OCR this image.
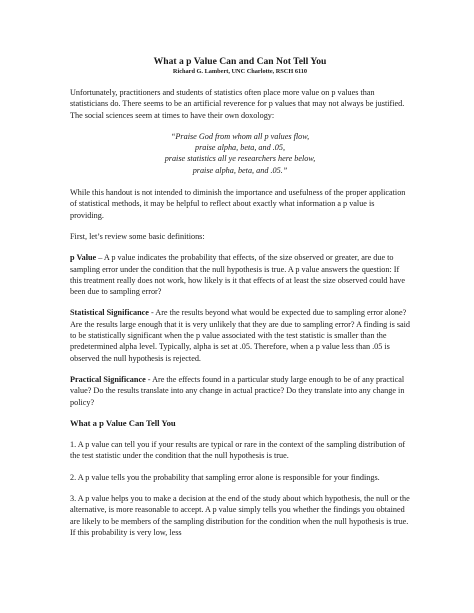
What a p Value Can and Can Not Tell You
Richard G. Lambert, UNC Charlotte, RSCH 6110

Unfortunately, practitioners and students of statistics often place more value on p values than statisticians do. There seems to be an artificial reverence for p values that may not always be justified. The social sciences seem at times to have their own doxology:

“Praise God from whom all p values flow,
praise alpha, beta, and .05,
praise statistics all ye researchers here below,
praise alpha, beta, and .05.”

While this handout is not intended to diminish the importance and usefulness of the proper application of statistical methods, it may be helpful to reflect about exactly what information a p value is providing.

First, let’s review some basic definitions:

p Value – A p value indicates the probability that effects, of the size observed or greater, are due to sampling error under the condition that the null hypothesis is true. A p value answers the question: If this treatment really does not work, how likely is it that effects of at least the size observed could have been due to sampling error?

Statistical Significance - Are the results beyond what would be expected due to sampling error alone? Are the results large enough that it is very unlikely that they are due to sampling error? A finding is said to be statistically significant when the p value associated with the test statistic is smaller than the predetermined alpha level. Typically, alpha is set at .05. Therefore, when a p value less than .05 is observed the null hypothesis is rejected.

Practical Significance - Are the effects found in a particular study large enough to be of any practical value? Do the results translate into any change in actual practice? Do they translate into any change in policy?

What a p Value Can Tell You

1. A p value can tell you if your results are typical or rare in the context of the sampling distribution of the test statistic under the condition that the null hypothesis is true.

2. A p value tells you the probability that sampling error alone is responsible for your findings.

3. A p value helps you to make a decision at the end of the study about which hypothesis, the null or the alternative, is more reasonable to accept. A p value simply tells you whether the findings you obtained are likely to be members of the sampling distribution for the condition when the null hypothesis is true. If this probability is very low, less
